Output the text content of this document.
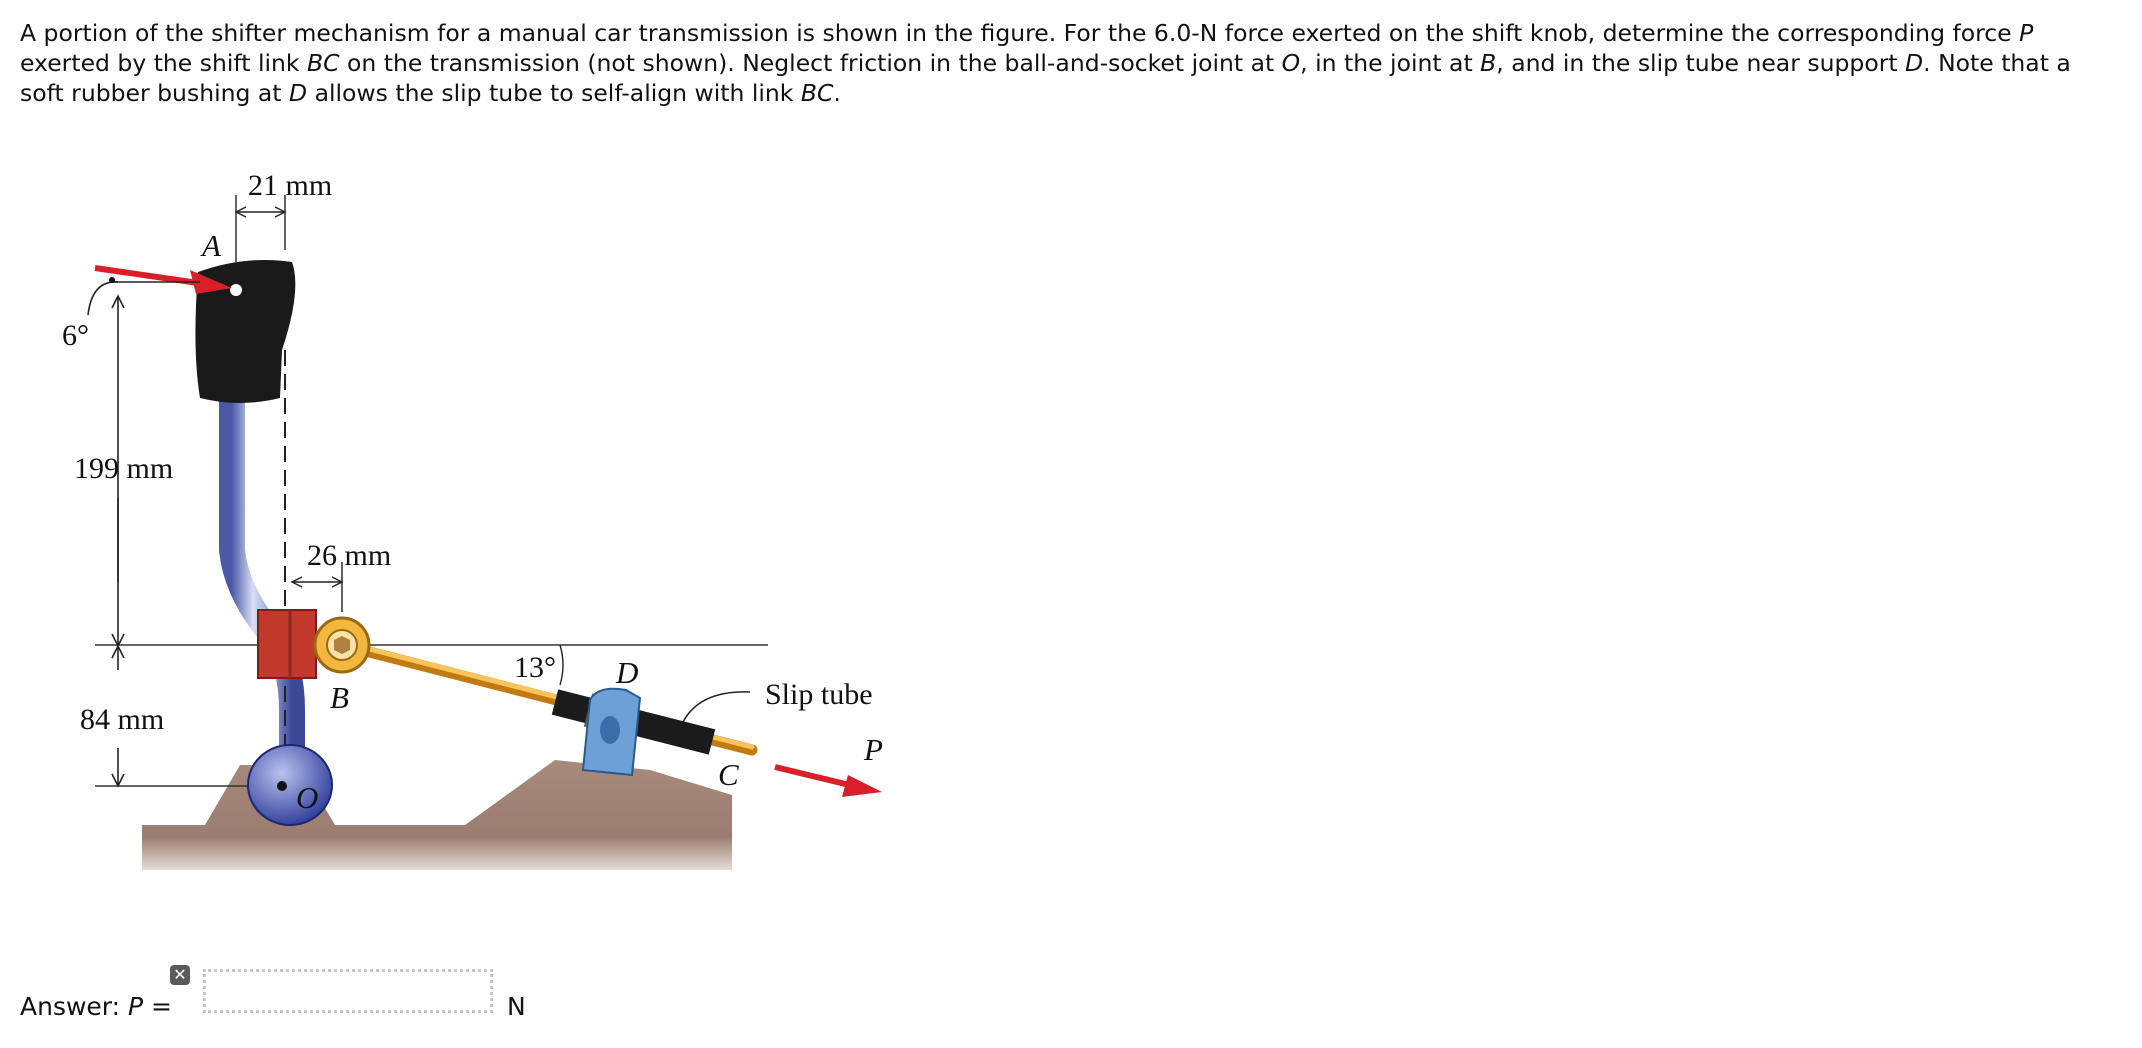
A portion of the shifter mechanism for a manual car transmission is shown in the figure. For the 6.0-N force exerted on the shift knob, determine the corresponding force P exerted by the shift link BC on the transmission (not shown). Neglect friction in the ball-and-socket joint at O, in the joint at B, and in the slip tube near support D. Note that a soft rubber bushing at D allows the slip tube to self-align with link BC.

21 mm
6°
199 mm
26 mm
84 mm
13°
Slip tube
A
B
C
D
O
P
Answer: P =
✕
N
